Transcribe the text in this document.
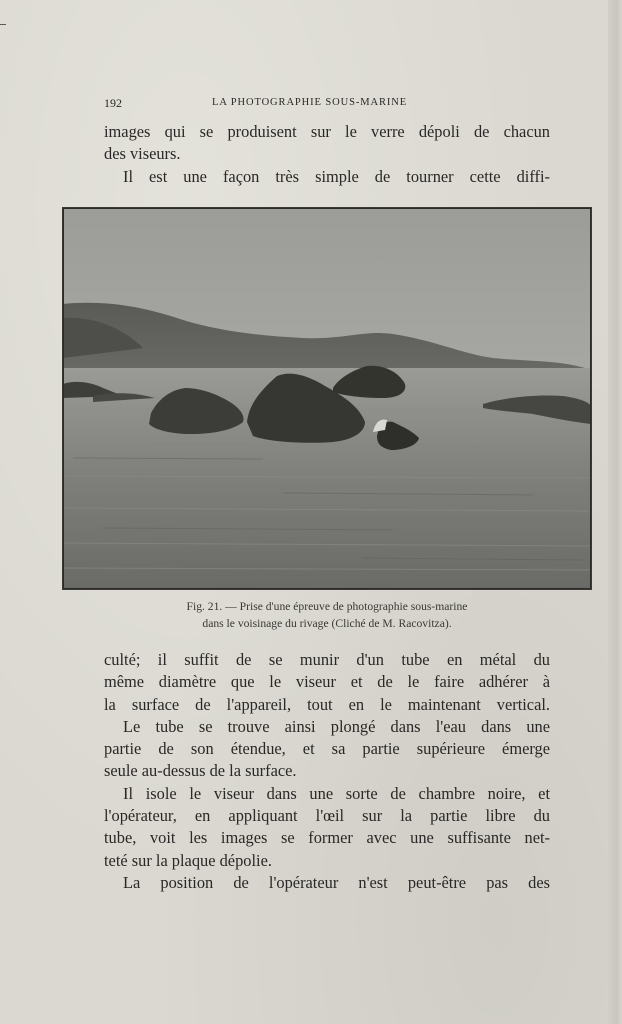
192	LA PHOTOGRAPHIE SOUS-MARINE
images qui se produisent sur le verre dépoli de chacun
des viseurs.
Il est une façon très simple de tourner cette diffi-
Fig. 21. — Prise d'une épreuve de photographie sous-marine
dans le voisinage du rivage (Cliché de M. Racovitza).
culté; il suffit de se munir d'un tube en métal du
même diamètre que le viseur et de le faire adhérer à
la surface de l'appareil, tout en le maintenant vertical.
Le tube se trouve ainsi plongé dans l'eau dans une
partie de son étendue, et sa partie supérieure émerge
seule au-dessus de la surface.
Il isole le viseur dans une sorte de chambre noire, et
l'opérateur, en appliquant l'œil sur la partie libre du
tube, voit les images se former avec une suffisante net-
teté sur la plaque dépolie.
La position de l'opérateur n'est peut-être pas des
